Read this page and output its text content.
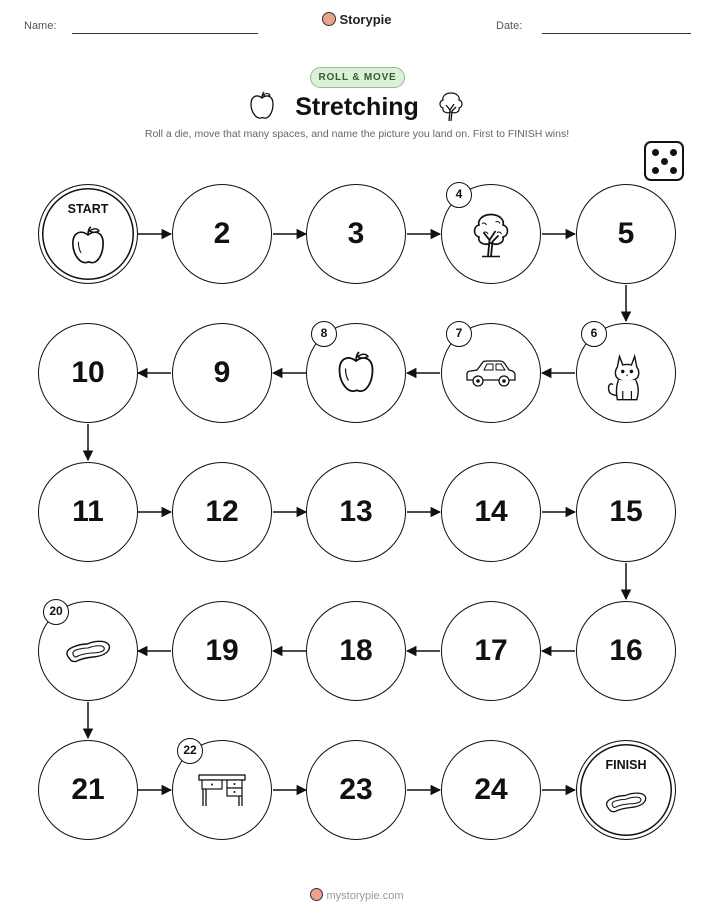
Name:	Storypie	Date:
ROLL & MOVE
Stretching
Roll a die, move that many spaces, and name the picture you land on. First to FINISH wins!
START
2	3
4
5
10	9
8	7	6
11	12	13	14	15
20
19	18	17	16
21
22
23	24
FINISH
mystorypie.com
